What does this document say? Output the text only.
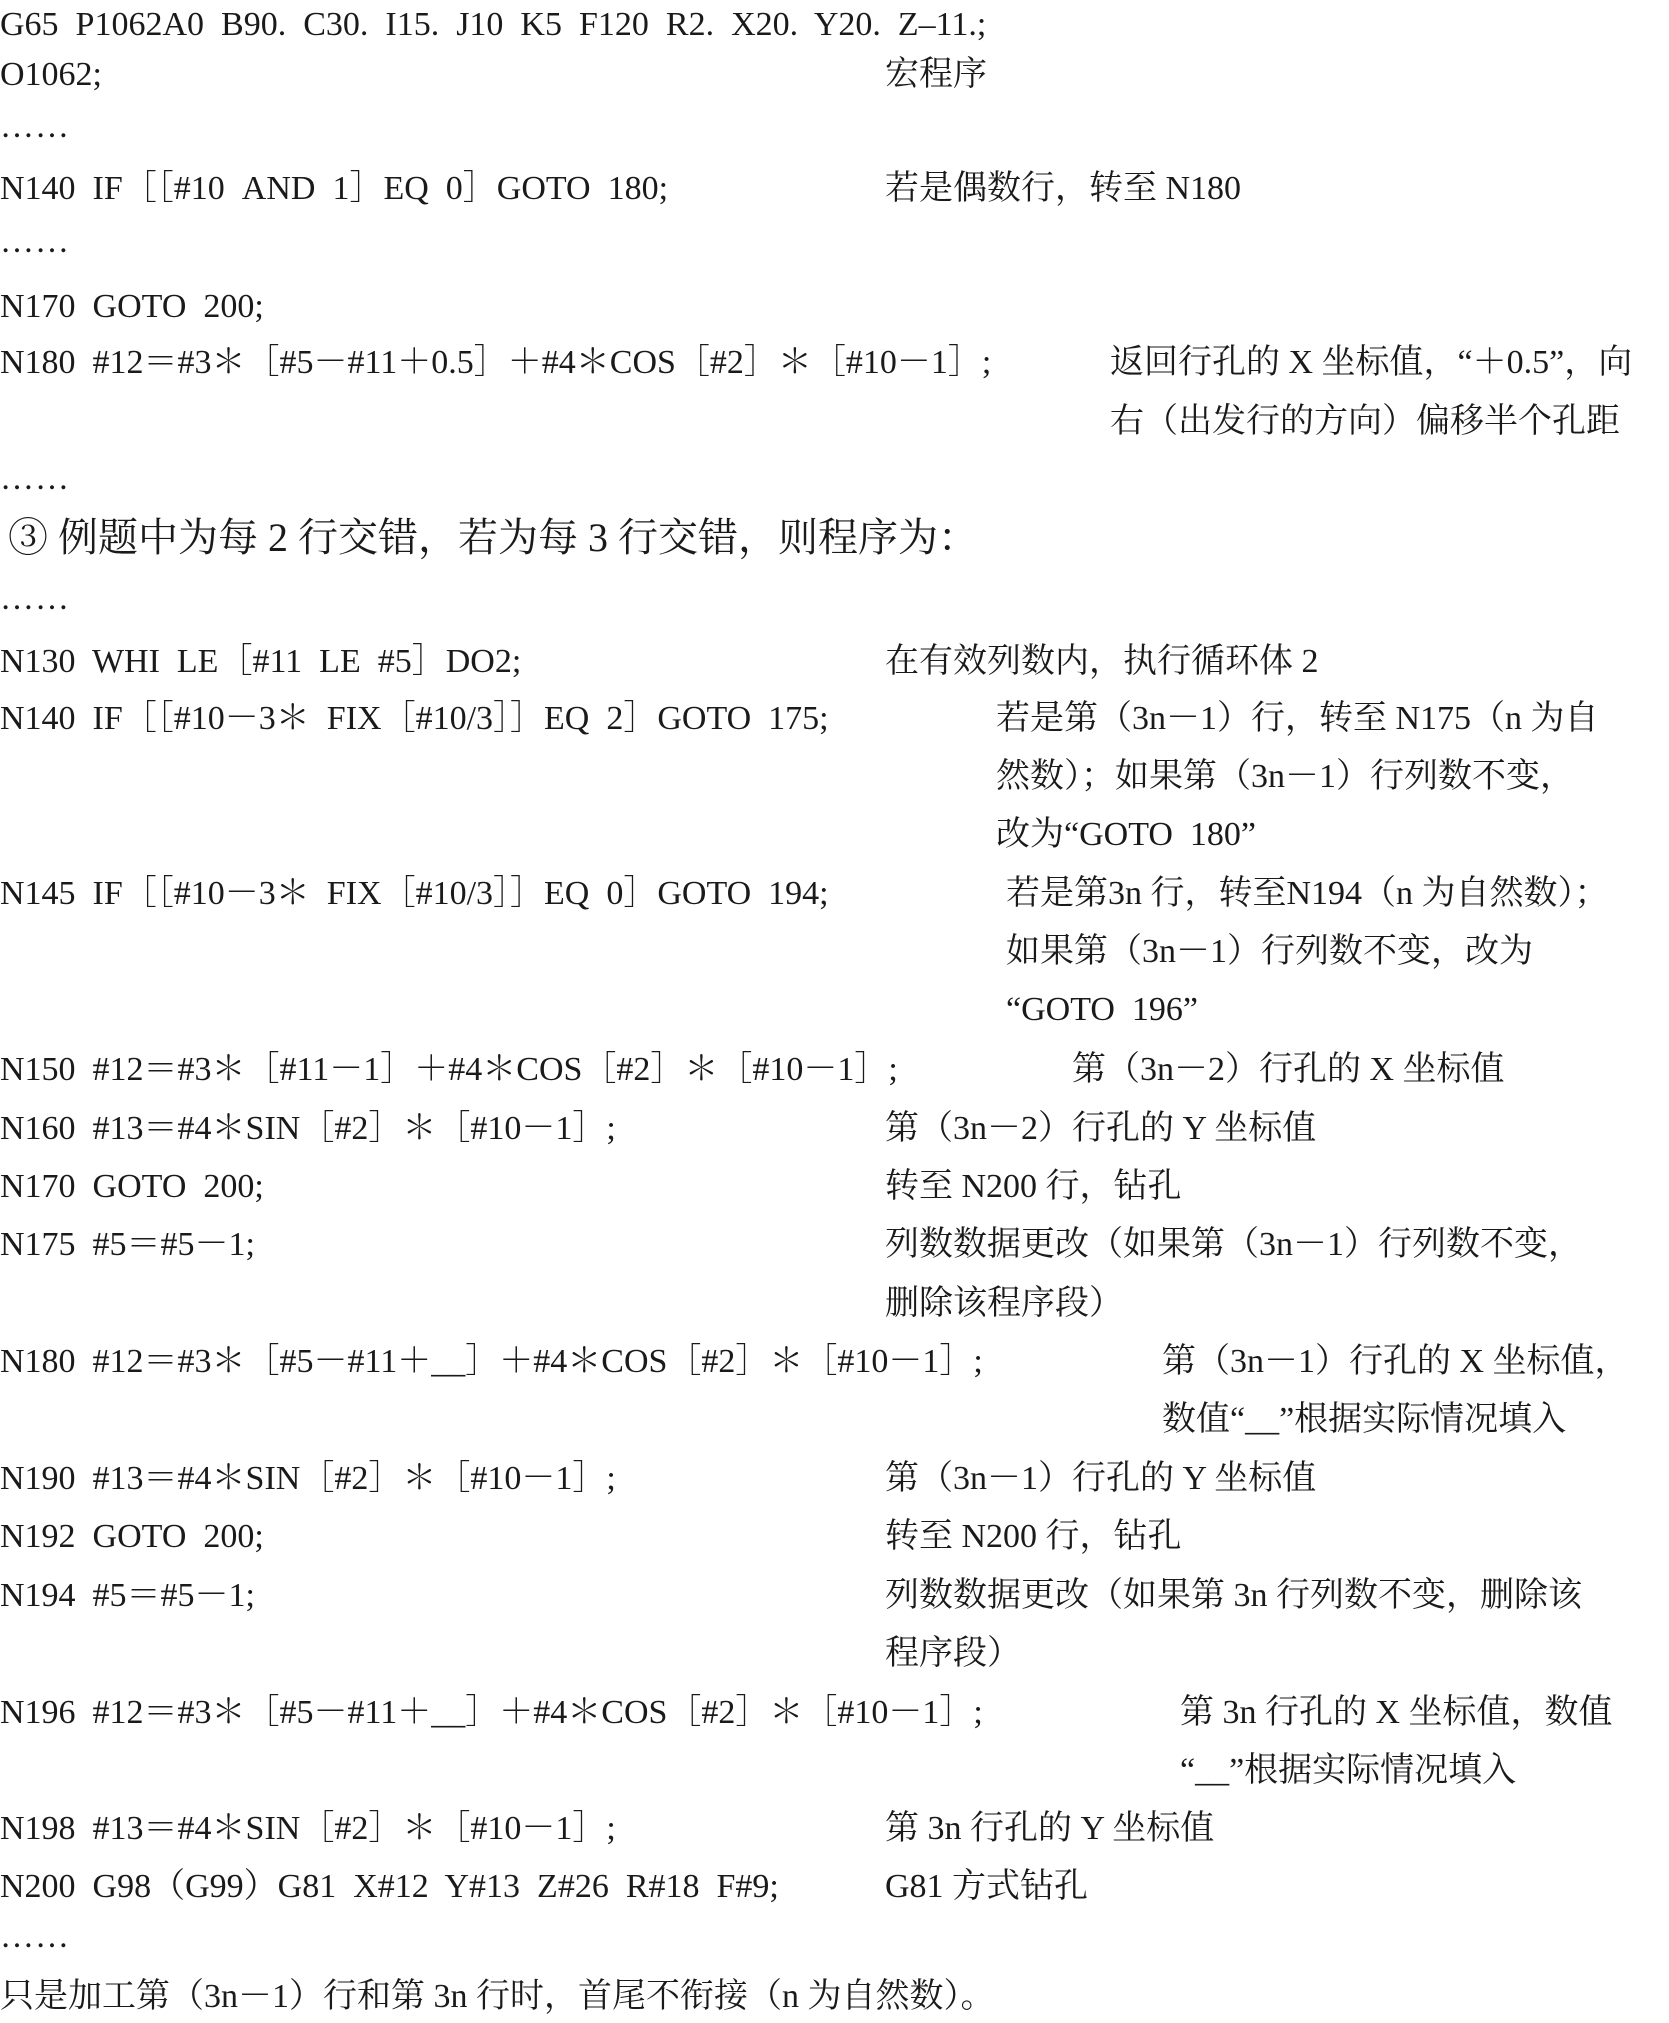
G65  P1062A0  B90.  C30.  I15.  J10  K5  F120  R2.  X20.  Y20.  Z–11.;
O1062;	宏程序
……
N140  IF［［#10  AND  1］EQ  0］GOTO  180;	若是偶数行，转至 N180
……
N170  GOTO  200;
N180  #12＝#3＊［#5－#11＋0.5］＋#4＊COS［#2］＊［#10－1］;	返回行孔的 X 坐标值，“＋0.5”，向
右（出发行的方向）偏移半个孔距
……
③ 例题中为每 2 行交错，若为每 3 行交错，则程序为：
……
N130  WHI  LE［#11  LE  #5］DO2;	在有效列数内，执行循环体 2
N140  IF［［#10－3＊  FIX［#10/3］］EQ  2］GOTO  175;	若是第（3n－1）行，转至 N175（n 为自
然数）；如果第（3n－1）行列数不变，
改为“GOTO  180”
N145  IF［［#10－3＊  FIX［#10/3］］EQ  0］GOTO  194;	若是第3n 行，转至N194（n 为自然数）；
如果第（3n－1）行列数不变，改为
“GOTO  196”
N150  #12＝#3＊［#11－1］＋#4＊COS［#2］＊［#10－1］;	第（3n－2）行孔的 X 坐标值
N160  #13＝#4＊SIN［#2］＊［#10－1］;	第（3n－2）行孔的 Y 坐标值
N170  GOTO  200;	转至 N200 行，钻孔
N175  #5＝#5－1;	列数数据更改（如果第（3n－1）行列数不变，
删除该程序段）
N180  #12＝#3＊［#5－#11＋__］＋#4＊COS［#2］＊［#10－1］;	第（3n－1）行孔的 X 坐标值，
数值“__”根据实际情况填入
N190  #13＝#4＊SIN［#2］＊［#10－1］;	第（3n－1）行孔的 Y 坐标值
N192  GOTO  200;	转至 N200 行，钻孔
N194  #5＝#5－1;	列数数据更改（如果第 3n 行列数不变，删除该
程序段）
N196  #12＝#3＊［#5－#11＋__］＋#4＊COS［#2］＊［#10－1］;	第 3n 行孔的 X 坐标值，数值
“__”根据实际情况填入
N198  #13＝#4＊SIN［#2］＊［#10－1］;	第 3n 行孔的 Y 坐标值
N200  G98（G99）G81  X#12  Y#13  Z#26  R#18  F#9;	G81 方式钻孔
……
只是加工第（3n－1）行和第 3n 行时，首尾不衔接（n 为自然数）。
